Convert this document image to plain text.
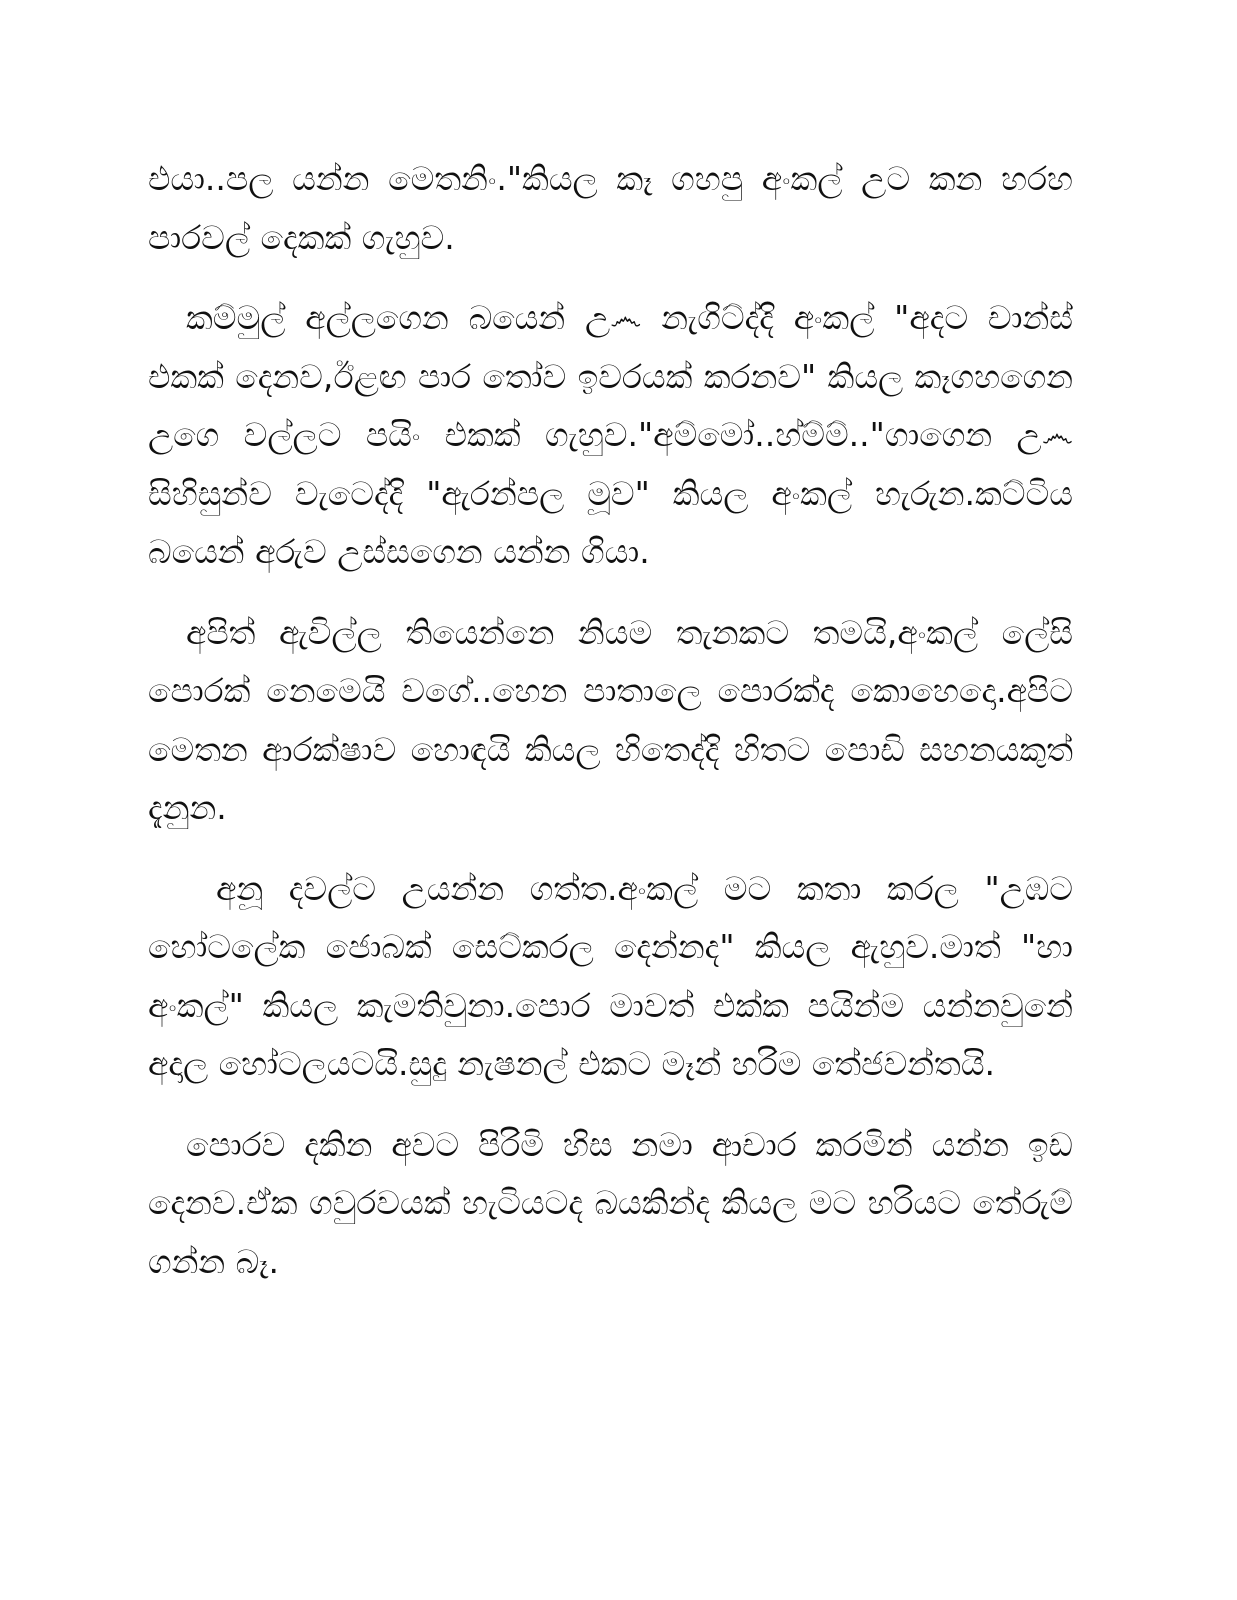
එයා..පල යන්න මෙතනිං."කියල කෑ ගහපු අංකල් උට කන හරහ පාරවල් දෙකක් ගැහුව.

කම්මුල් අල්ලගෙන බයෙන් උ෴ නැගිට්ද්දි අංකල් "අදට චාන්ස් එකක් දෙනව,ඊළඟ පාර තෝව ඉවරයක් කරනව" කියල කෑගහගෙන උගෙ වල්ලට පයිං එකක් ගැහුව."අම්මෝ..හ්ම්ම්.."ගාගෙන උ෴ සිහිසුන්ව වැටෙද්දි "ඇරන්පල මූව" කියල අංකල් හැරුන.කට්ටිය බයෙන් අරුව උස්සගෙන යන්න ගියා.

අපිත් ඇවිල්ල තියෙන්නෙ නියම තැනකට තමයි,අංකල් ලේසි පොරක් නෙමෙයි වගේ..හෙන පාතාලෙ පොරක්ද කොහෙදො.අපිට මෙතන ආරක්ෂාව හොඳයි කියල හිතෙද්දි හිතට පොඩි සහනයකුත් දැනුන.

අනූ දවල්ට උයන්න ගත්ත.අංකල් මට කතා කරල "උඹට හෝටලේක ජොබක් සෙට්කරල දෙන්නද" කියල ඇහුව.මාත් "හා අංකල්" කියල කැමතිවුනා.පොර මාවත් එක්ක පයින්ම යන්නවුනේ අදාල හෝටලයටයි.සුදු නැෂනල් එකට මෑන් හරිම තේජවන්තයි.

පොරව දකින අවට පිරිමි හිස නමා ආචාර කරමින් යන්න ඉඩ දෙනව.ඒක ගවුරවයක් හැටියටද බයකින්ද කියල මට හරියට තේරුම් ගන්න බෑ.
